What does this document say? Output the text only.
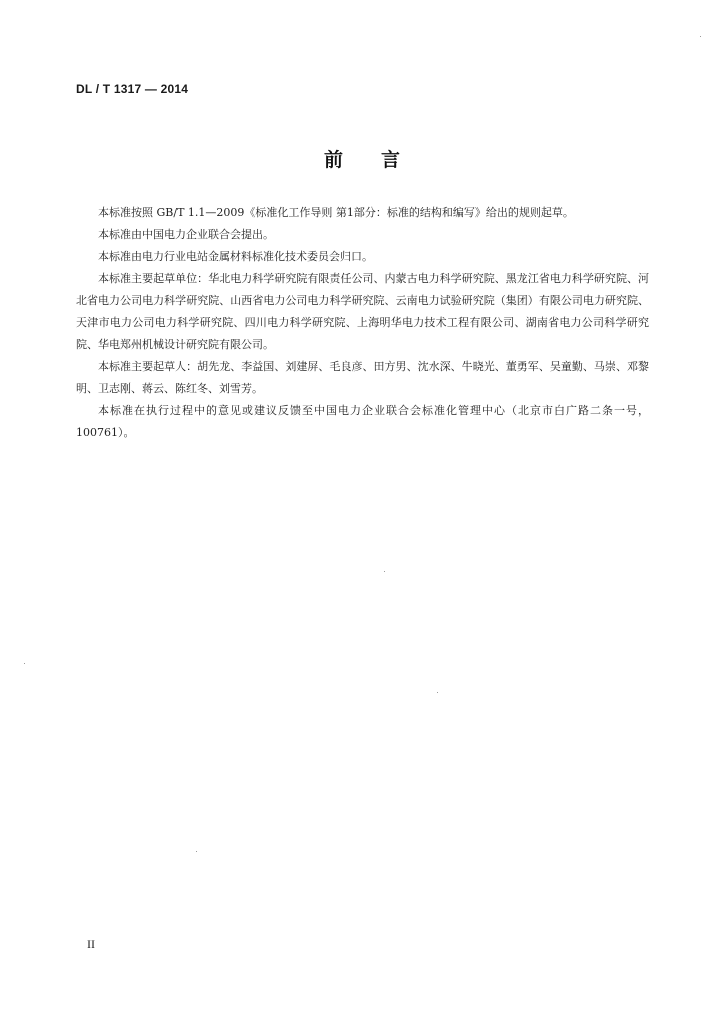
DL / T 1317 — 2014
前言

本标准按照 GB/T 1.1—2009《标准化工作导则 第1部分：标准的结构和编写》给出的规则起草。

本标准由中国电力企业联合会提出。

本标准由电力行业电站金属材料标准化技术委员会归口。

本标准主要起草单位：华北电力科学研究院有限责任公司、内蒙古电力科学研究院、黑龙江省电力科学研究院、河北省电力公司电力科学研究院、山西省电力公司电力科学研究院、云南电力试验研究院（集团）有限公司电力研究院、天津市电力公司电力科学研究院、四川电力科学研究院、上海明华电力技术工程有限公司、湖南省电力公司科学研究院、华电郑州机械设计研究院有限公司。

本标准主要起草人：胡先龙、李益国、刘建屏、毛良彦、田方男、沈水深、牛晓光、董勇军、吴童勤、马崇、邓黎明、卫志刚、蒋云、陈红冬、刘雪芳。

本标准在执行过程中的意见或建议反馈至中国电力企业联合会标准化管理中心（北京市白广路二条一号，100761）。

II
